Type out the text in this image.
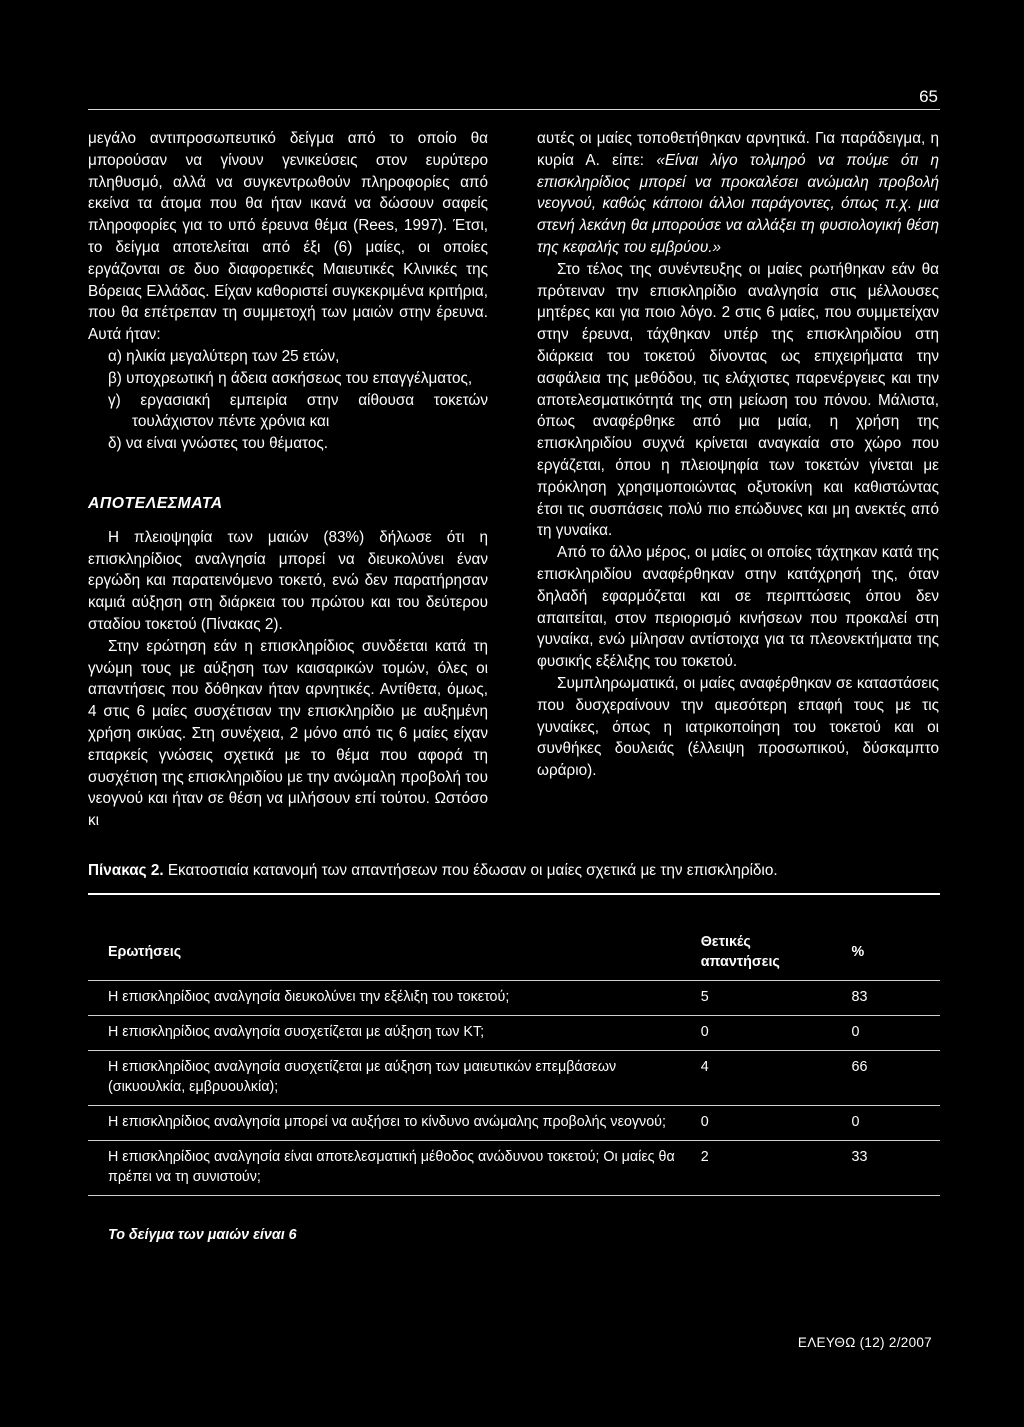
65

μεγάλο αντιπροσωπευτικό δείγμα από το οποίο θα μπορούσαν να γίνουν γενικεύσεις στον ευρύτερο πληθυσμό, αλλά να συγκεντρωθούν πληροφορίες από εκείνα τα άτομα που θα ήταν ικανά να δώσουν σαφείς πληροφορίες για το υπό έρευνα θέμα (Rees, 1997). Έτσι, το δείγμα αποτελείται από έξι (6) μαίες, οι οποίες εργάζονται σε δυο διαφορετικές Μαιευτικές Κλινικές της Βόρειας Ελλάδας. Είχαν καθοριστεί συγκεκριμένα κριτήρια, που θα επέτρεπαν τη συμμετοχή των μαιών στην έρευνα. Αυτά ήταν:

α) ηλικία μεγαλύτερη των 25 ετών,

β) υποχρεωτική η άδεια ασκήσεως του επαγγέλματος,

γ) εργασιακή εμπειρία στην αίθουσα τοκετών τουλάχιστον πέντε χρόνια και

δ) να είναι γνώστες του θέματος.

ΑΠΟΤΕΛΕΣΜΑΤΑ

Η πλειοψηφία των μαιών (83%) δήλωσε ότι η επισκληρίδιος αναλγησία μπορεί να διευκολύνει έναν εργώδη και παρατεινόμενο τοκετό, ενώ δεν παρατήρησαν καμιά αύξηση στη διάρκεια του πρώτου και του δεύτερου σταδίου τοκετού (Πίνακας 2).

Στην ερώτηση εάν η επισκληρίδιος συνδέεται κατά τη γνώμη τους με αύξηση των καισαρικών τομών, όλες οι απαντήσεις που δόθηκαν ήταν αρνητικές. Αντίθετα, όμως, 4 στις 6 μαίες συσχέτισαν την επισκληρίδιο με αυξημένη χρήση σικύας. Στη συνέχεια, 2 μόνο από τις 6 μαίες είχαν επαρκείς γνώσεις σχετικά με το θέμα που αφορά τη συσχέτιση της επισκληριδίου με την ανώμαλη προβολή του νεογνού και ήταν σε θέση να μιλήσουν επί τούτου. Ωστόσο κι

αυτές οι μαίες τοποθετήθηκαν αρνητικά. Για παράδειγμα, η κυρία Α. είπε: «Είναι λίγο τολμηρό να πούμε ότι η επισκληρίδιος μπορεί να προκαλέσει ανώμαλη προβολή νεογνού, καθώς κάποιοι άλλοι παράγοντες, όπως π.χ. μια στενή λεκάνη θα μπορούσε να αλλάξει τη φυσιολογική θέση της κεφαλής του εμβρύου.»

Στο τέλος της συνέντευξης οι μαίες ρωτήθηκαν εάν θα πρότειναν την επισκληρίδιο αναλγησία στις μέλλουσες μητέρες και για ποιο λόγο. 2 στις 6 μαίες, που συμμετείχαν στην έρευνα, τάχθηκαν υπέρ της επισκληριδίου στη διάρκεια του τοκετού δίνοντας ως επιχειρήματα την ασφάλεια της μεθόδου, τις ελάχιστες παρενέργειες και την αποτελεσματικότητά της στη μείωση του πόνου. Μάλιστα, όπως αναφέρθηκε από μια μαία, η χρήση της επισκληριδίου συχνά κρίνεται αναγκαία στο χώρο που εργάζεται, όπου η πλειοψηφία των τοκετών γίνεται με πρόκληση χρησιμοποιώντας οξυτοκίνη και καθιστώντας έτσι τις συσπάσεις πολύ πιο επώδυνες και μη ανεκτές από τη γυναίκα.

Από το άλλο μέρος, οι μαίες οι οποίες τάχτηκαν κατά της επισκληριδίου αναφέρθηκαν στην κατάχρησή της, όταν δηλαδή εφαρμόζεται και σε περιπτώσεις όπου δεν απαιτείται, στον περιορισμό κινήσεων που προκαλεί στη γυναίκα, ενώ μίλησαν αντίστοιχα για τα πλεονεκτήματα της φυσικής εξέλιξης του τοκετού.

Συμπληρωματικά, οι μαίες αναφέρθηκαν σε καταστάσεις που δυσχεραίνουν την αμεσότερη επαφή τους με τις γυναίκες, όπως η ιατρικοποίηση του τοκετού και οι συνθήκες δουλειάς (έλλειψη προσωπικού, δύσκαμπτο ωράριο).

Πίνακας 2. Εκατοστιαία κατανομή των απαντήσεων που έδωσαν οι μαίες σχετικά με την επισκληρίδιο.
Ερωτήσεις	Θετικές απαντήσεις	%
Η επισκληρίδιος αναλγησία διευκολύνει την εξέλιξη του τοκετού;	5	83
Η επισκληρίδιος αναλγησία συσχετίζεται με αύξηση των ΚΤ;	0	0
Η επισκληρίδιος αναλγησία συσχετίζεται με αύξηση των μαιευτικών επεμβάσεων (σικυουλκία, εμβρυουλκία);	4	66
Η επισκληρίδιος αναλγησία μπορεί να αυξήσει το κίνδυνο ανώμαλης προβολής νεογνού;	0	0
Η επισκληρίδιος αναλγησία είναι αποτελεσματική μέθοδος ανώδυνου τοκετού; Οι μαίες θα πρέπει να τη συνιστούν;	2	33
Το δείγμα των μαιών είναι 6
ΕΛΕΥΘΩ (12) 2/2007
